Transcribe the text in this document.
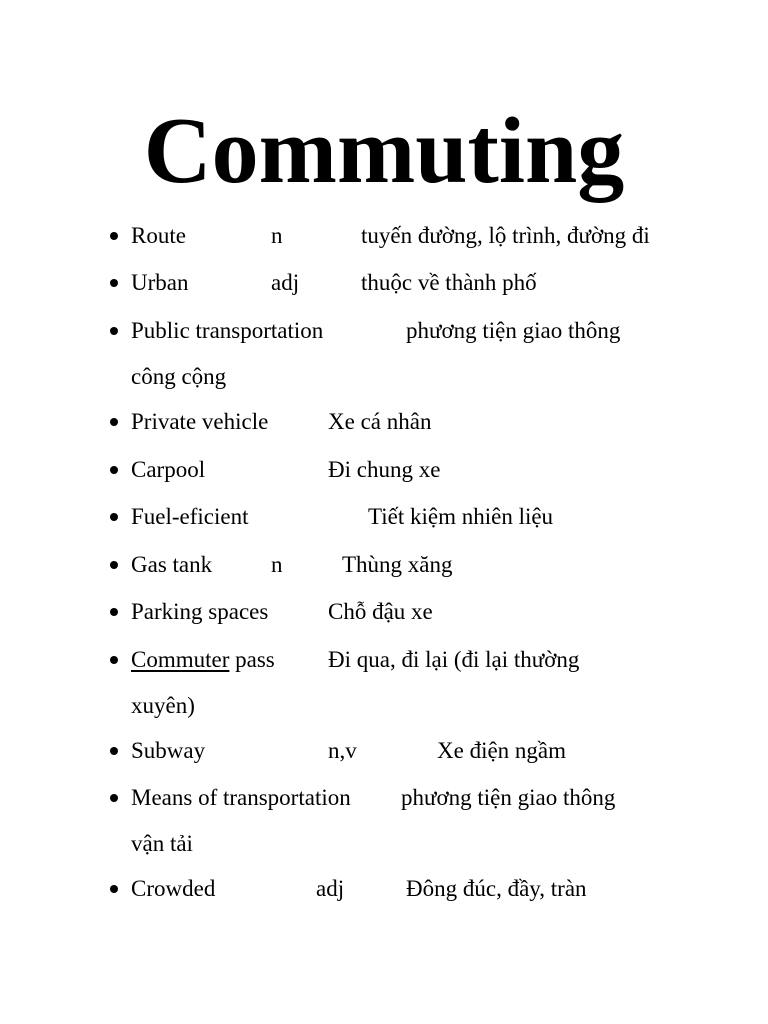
Commuting
Route	n	tuyến đường, lộ trình, đường đi
Urban	adj	thuộc về thành phố
Public transportation	phương tiện giao thông
công cộng
Private vehicle	Xe cá nhân
Carpool	Đi chung xe
Fuel-eficient	Tiết kiệm nhiên liệu
Gas tank	n	Thùng xăng
Parking spaces	Chỗ đậu xe
Commuter pass Đi qua, đi lại (đi lại thường
xuyên)
Subway	n,v	Xe điện ngầm
Means of transportation phương tiện giao thông
vận tải
Crowded	adj	Đông đúc, đầy, tràn
